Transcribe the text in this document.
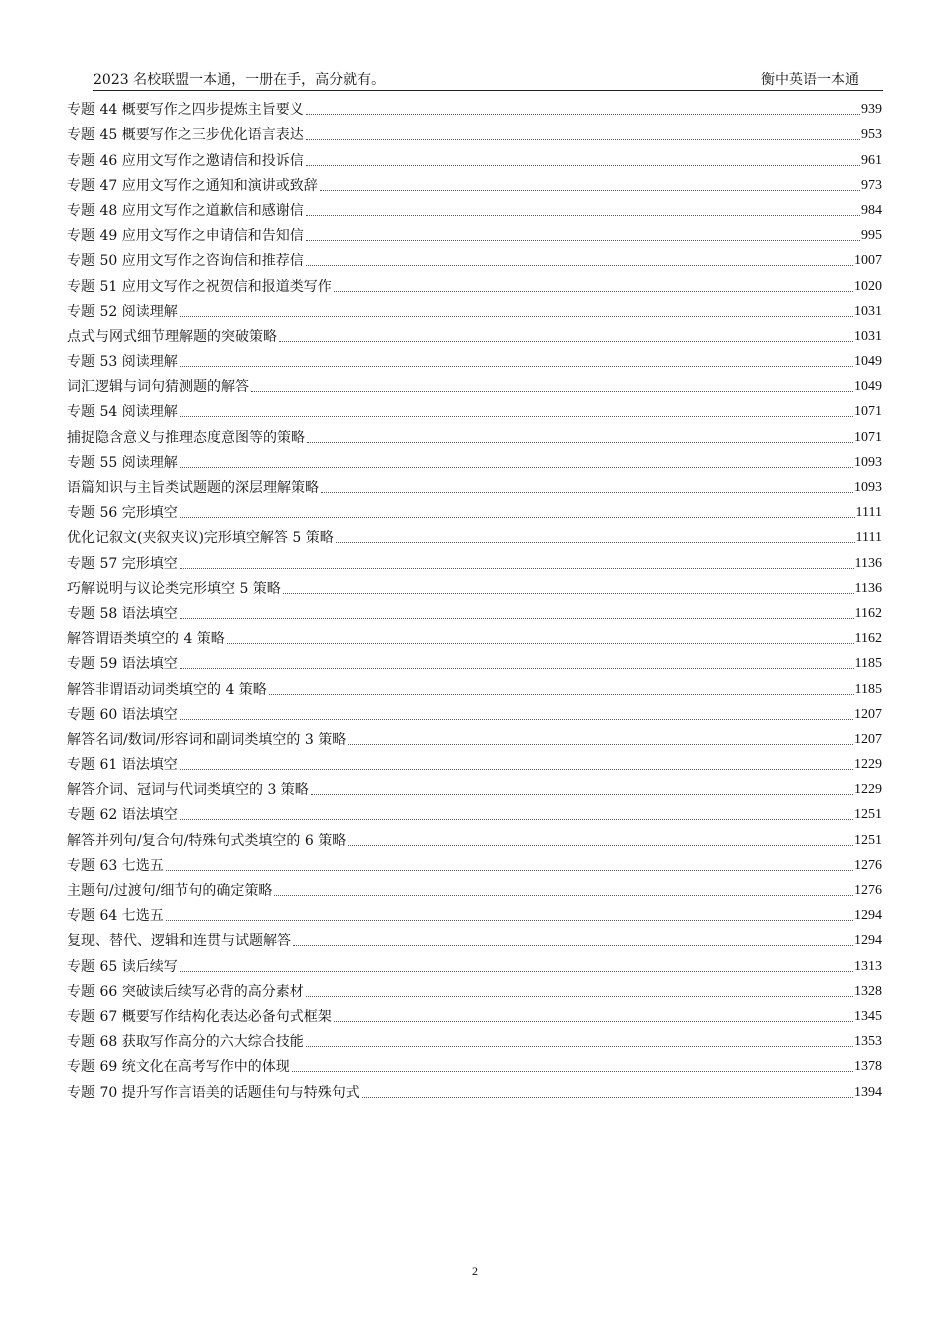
2023 名校联盟一本通，一册在手，高分就有。	衡中英语一本通
专题 44 概要写作之四步提炼主旨要义	939
专题 45 概要写作之三步优化语言表达	953
专题 46 应用文写作之邀请信和投诉信	961
专题 47 应用文写作之通知和演讲或致辞	973
专题 48 应用文写作之道歉信和感谢信	984
专题 49 应用文写作之申请信和告知信	995
专题 50 应用文写作之咨询信和推荐信	1007
专题 51 应用文写作之祝贺信和报道类写作	1020
专题 52 阅读理解	1031
点式与网式细节理解题的突破策略	1031
专题 53 阅读理解	1049
词汇逻辑与词句猜测题的解答	1049
专题 54 阅读理解	1071
捕捉隐含意义与推理态度意图等的策略	1071
专题 55 阅读理解	1093
语篇知识与主旨类试题题的深层理解策略	1093
专题 56 完形填空	1111
优化记叙文(夹叙夹议)完形填空解答 5 策略	1111
专题 57 完形填空	1136
巧解说明与议论类完形填空 5 策略	1136
专题 58 语法填空	1162
解答谓语类填空的 4 策略	1162
专题 59 语法填空	1185
解答非谓语动词类填空的 4 策略	1185
专题 60 语法填空	1207
解答名词/数词/形容词和副词类填空的 3 策略	1207
专题 61 语法填空	1229
解答介词、冠词与代词类填空的 3 策略	1229
专题 62 语法填空	1251
解答并列句/复合句/特殊句式类填空的 6 策略	1251
专题 63 七选五	1276
主题句/过渡句/细节句的确定策略	1276
专题 64 七选五	1294
复现、替代、逻辑和连贯与试题解答	1294
专题 65 读后续写	1313
专题 66 突破读后续写必背的高分素材	1328
专题 67 概要写作结构化表达必备句式框架	1345
专题 68 获取写作高分的六大综合技能	1353
专题 69 统文化在高考写作中的体现	1378
专题 70 提升写作言语美的话题佳句与特殊句式	1394
2
